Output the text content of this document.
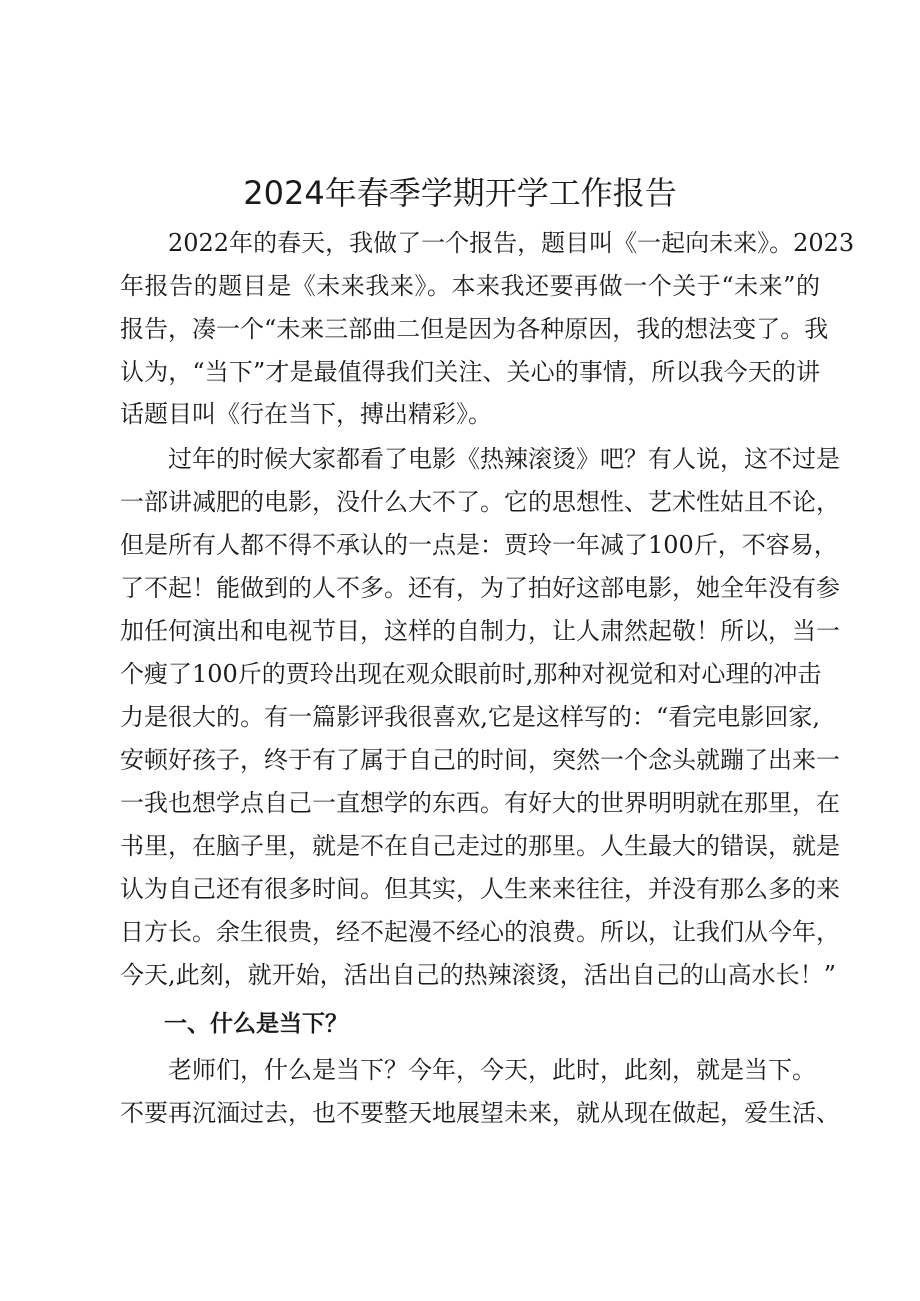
2024年春季学期开学工作报告

2022年的春天，我做了一个报告，题目叫《一起向未来》。2023

年报告的题目是《未来我来》。本来我还要再做一个关于“未来”的

报告，凑一个“未来三部曲二但是因为各种原因，我的想法变了。我

认为，“当下”才是最值得我们关注、关心的事情，所以我今天的讲

话题目叫《行在当下，搏出精彩》。

过年的时候大家都看了电影《热辣滚烫》吧？有人说，这不过是

一部讲减肥的电影，没什么大不了。它的思想性、艺术性姑且不论，

但是所有人都不得不承认的一点是：贾玲一年减了100斤，不容易，

了不起！能做到的人不多。还有，为了拍好这部电影，她全年没有参

加任何演出和电视节目，这样的自制力，让人肃然起敬！所以，当一

个瘦了100斤的贾玲出现在观众眼前时,那种对视觉和对心理的冲击

力是很大的。有一篇影评我很喜欢,它是这样写的：“看完电影回家,

安顿好孩子，终于有了属于自己的时间，突然一个念头就蹦了出来一

一我也想学点自己一直想学的东西。有好大的世界明明就在那里，在

书里，在脑子里，就是不在自己走过的那里。人生最大的错误，就是

认为自己还有很多时间。但其实，人生来来往往，并没有那么多的来

日方长。余生很贵，经不起漫不经心的浪费。所以，让我们从今年，

今天,此刻，就开始，活出自己的热辣滚烫，活出自己的山高水长！”

一、什么是当下？

老师们，什么是当下？今年，今天，此时，此刻，就是当下。

不要再沉湎过去，也不要整天地展望未来，就从现在做起，爱生活、
